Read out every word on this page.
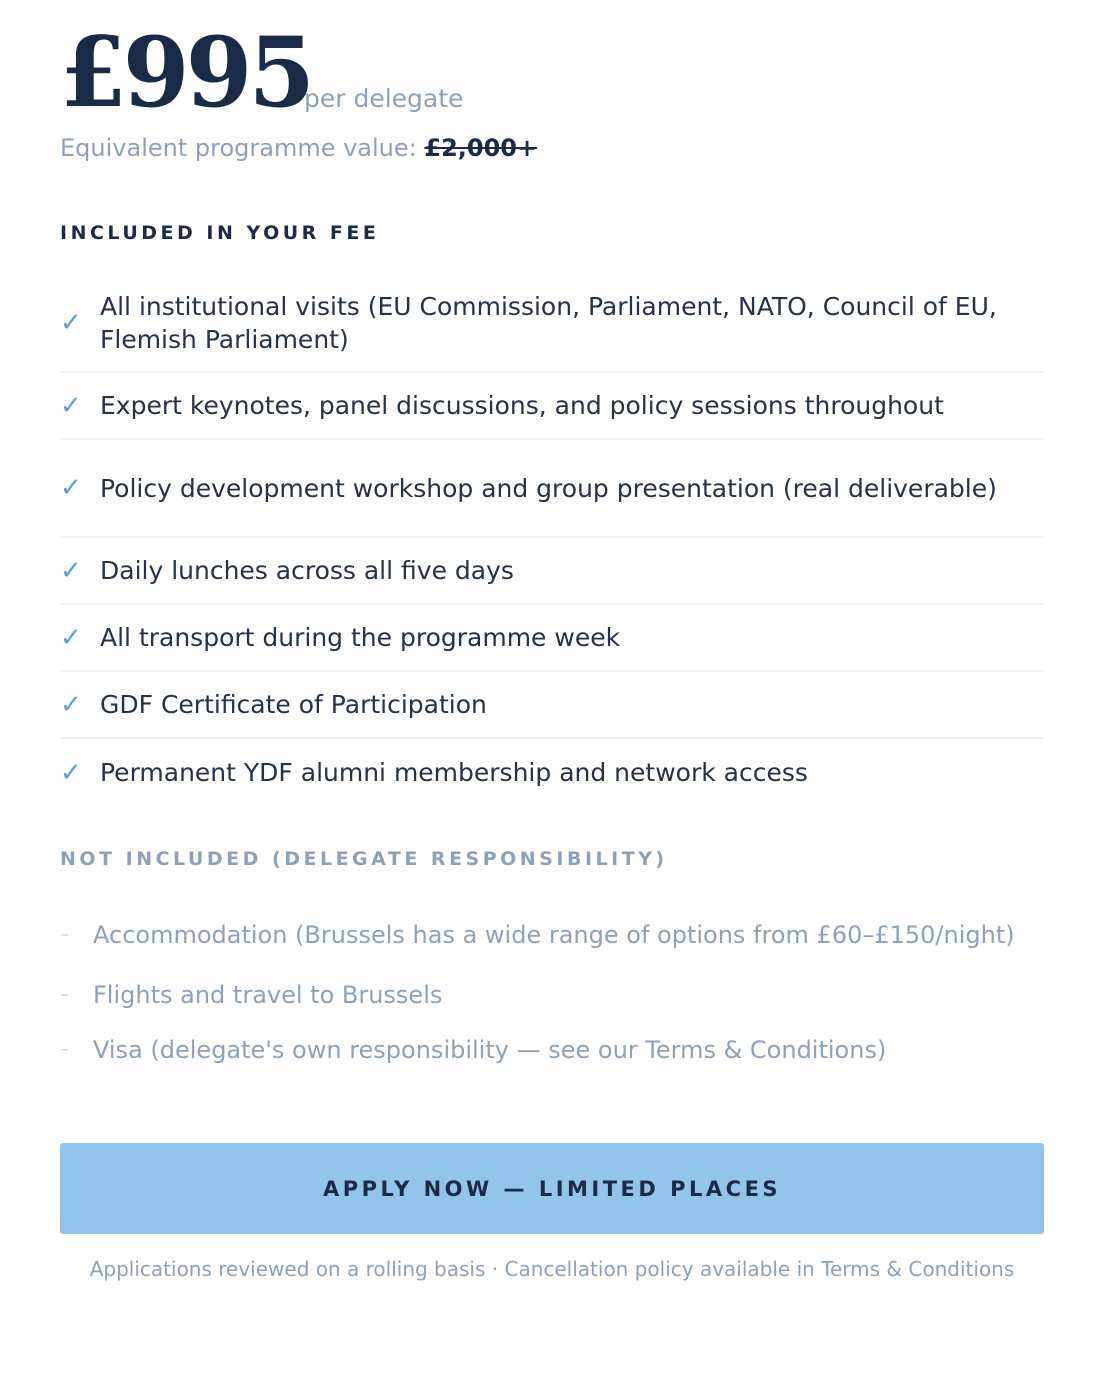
£995
per delegate
Equivalent programme value: £2,000+
INCLUDED IN YOUR FEE
✓
All institutional visits (EU Commission, Parliament, NATO, Council of EU, Flemish Parliament)
✓ Expert keynotes, panel discussions, and policy sessions throughout
✓ Policy development workshop and group presentation (real deliverable)
✓ Daily lunches across all five days
✓ All transport during the programme week
✓ GDF Certificate of Participation
✓ Permanent YDF alumni membership and network access
NOT INCLUDED (DELEGATE RESPONSIBILITY)
–	Accommodation (Brussels has a wide range of options from £60–£150/night)
–	Flights and travel to Brussels
–	Visa (delegate's own responsibility — see our Terms & Conditions)
APPLY NOW — LIMITED PLACES
Applications reviewed on a rolling basis · Cancellation policy available in Terms & Conditions
